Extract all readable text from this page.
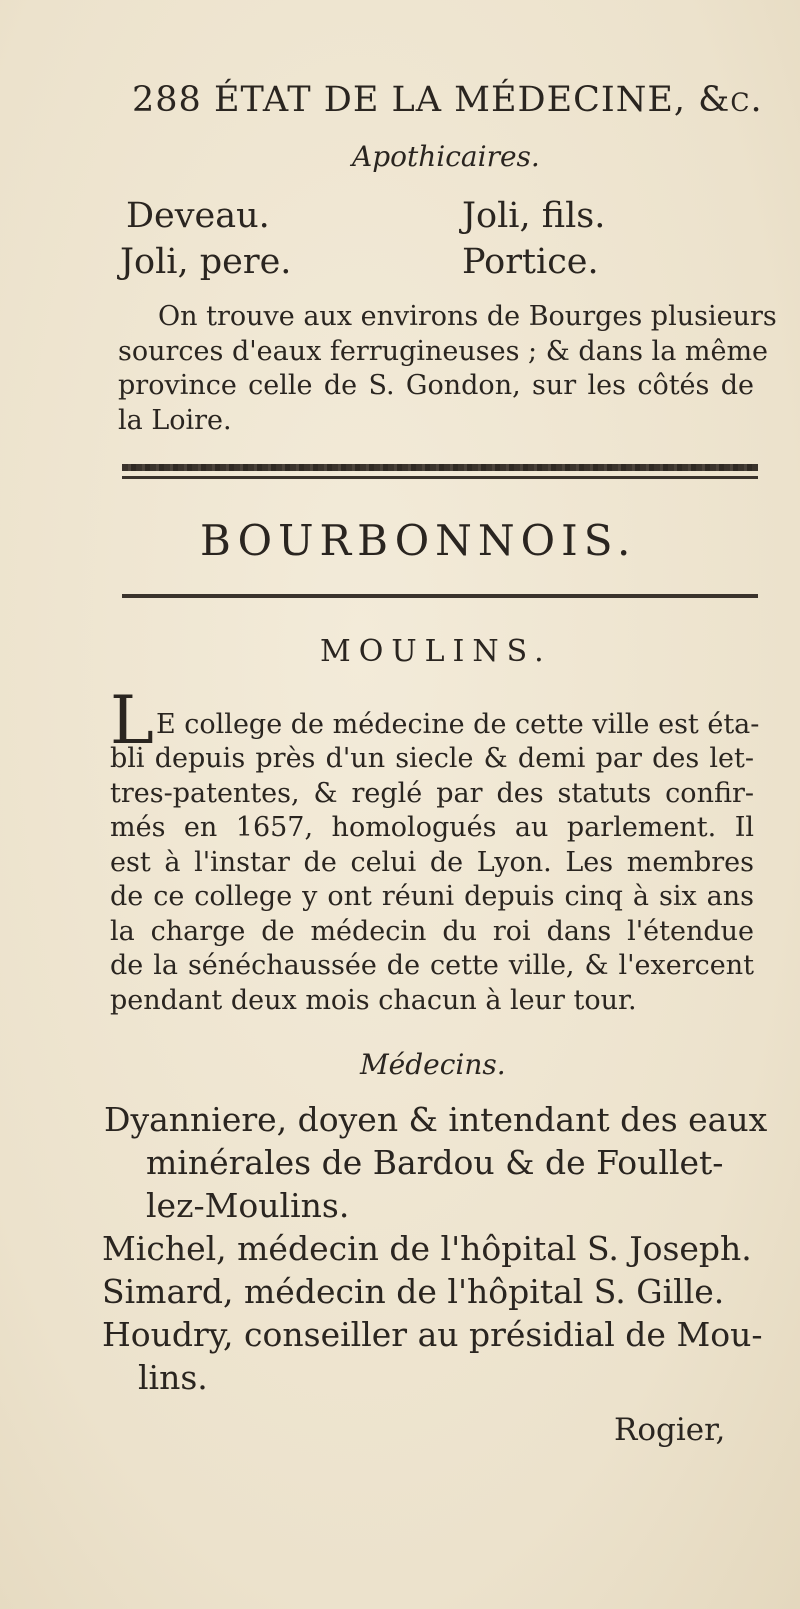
288 ÉTAT DE LA MÉDECINE, &c.
Apothicaires.
Deveau.	Joli, fils.
Joli, pere.	Portice.

On trouve aux environs de Bourges plusieurs

sources d'eaux ferrugineuses ; & dans la même

province celle de S. Gondon, sur les côtés de

la Loire.

BOURBONNOIS.
MOULINS.
L E college de médecine de cette ville est éta-

bli depuis près d'un siecle & demi par des let-

tres-patentes, & reglé par des statuts confir-

més en 1657, homologués au parlement. Il

est à l'instar de celui de Lyon. Les membres

de ce college y ont réuni depuis cinq à six ans

la charge de médecin du roi dans l'étendue

de la sénéchaussée de cette ville, & l'exercent

pendant deux mois chacun à leur tour.

Médecins.
Dyanniere, doyen & intendant des eaux
minérales de Bardou & de Foullet-
lez-Moulins.
Michel, médecin de l'hôpital S. Joseph.
Simard, médecin de l'hôpital S. Gille.
Houdry, conseiller au présidial de Mou-
lins.
Rogier,
